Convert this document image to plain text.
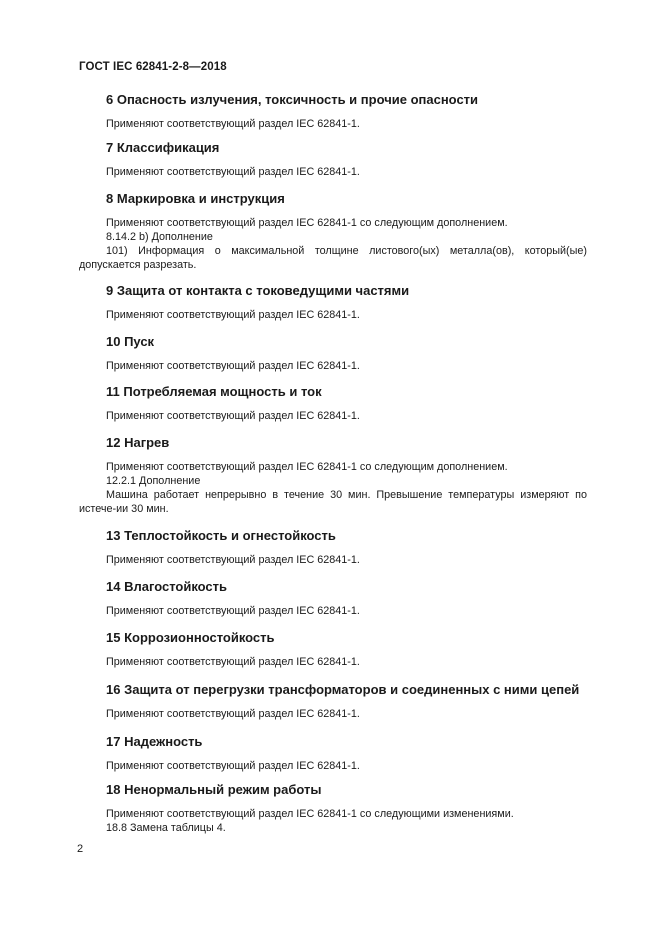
ГОСТ IEC 62841-2-8—2018

6 Опасность излучения, токсичность и прочие опасности

Применяют соответствующий раздел IEC 62841-1.

7 Классификация

Применяют соответствующий раздел IEC 62841-1.

8 Маркировка и инструкция

Применяют соответствующий раздел IEC 62841-1 со следующим дополнением.

8.14.2 b) Дополнение

101) Информация о максимальной толщине листового(ых) металла(ов), который(ые) допускается разрезать.

9 Защита от контакта с токоведущими частями

Применяют соответствующий раздел IEC 62841-1.

10 Пуск

Применяют соответствующий раздел IEC 62841-1.

11 Потребляемая мощность и ток

Применяют соответствующий раздел IEC 62841-1.

12 Нагрев

Применяют соответствующий раздел IEC 62841-1 со следующим дополнением.

12.2.1 Дополнение

Машина работает непрерывно в течение 30 мин. Превышение температуры измеряют по истече-ии 30 мин.

13 Теплостойкость и огнестойкость

Применяют соответствующий раздел IEC 62841-1.

14 Влагостойкость

Применяют соответствующий раздел IEC 62841-1.

15 Коррозионностойкость

Применяют соответствующий раздел IEC 62841-1.

16 Защита от перегрузки трансформаторов и соединенных с ними цепей

Применяют соответствующий раздел IEC 62841-1.

17 Надежность

Применяют соответствующий раздел IEC 62841-1.

18 Ненормальный режим работы

Применяют соответствующий раздел IEC 62841-1 со следующими изменениями.

18.8 Замена таблицы 4.

2
